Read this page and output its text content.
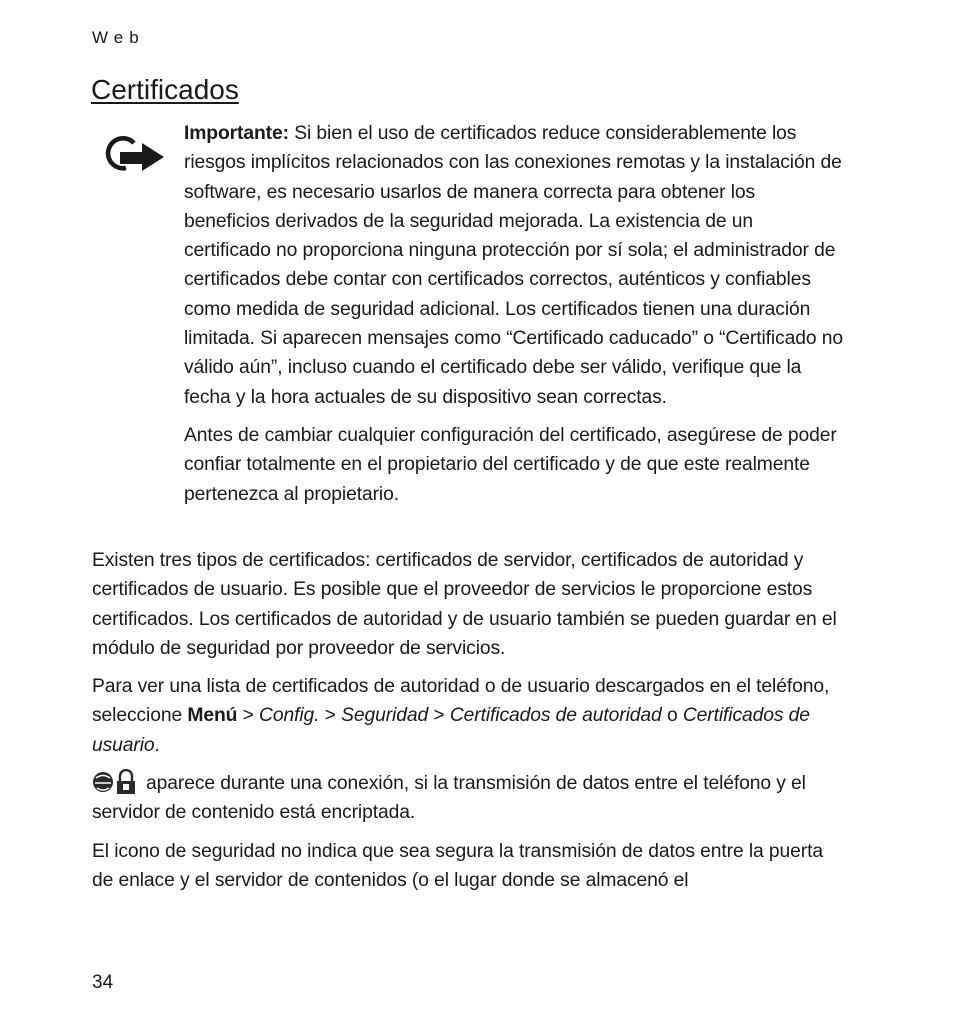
Web
Certificados

Importante: Si bien el uso de certificados reduce considerablemente los riesgos implícitos relacionados con las conexiones remotas y la instalación de software, es necesario usarlos de manera correcta para obtener los beneficios derivados de la seguridad mejorada. La existencia de un certificado no proporciona ninguna protección por sí sola; el administrador de certificados debe contar con certificados correctos, auténticos y confiables como medida de seguridad adicional. Los certificados tienen una duración limitada. Si aparecen mensajes como “Certificado caducado” o “Certificado no válido aún”, incluso cuando el certificado debe ser válido, verifique que la fecha y la hora actuales de su dispositivo sean correctas.

Antes de cambiar cualquier configuración del certificado, asegúrese de poder confiar totalmente en el propietario del certificado y de que este realmente pertenezca al propietario.

Existen tres tipos de certificados: certificados de servidor, certificados de autoridad y certificados de usuario. Es posible que el proveedor de servicios le proporcione estos certificados. Los certificados de autoridad y de usuario también se pueden guardar en el módulo de seguridad por proveedor de servicios.

Para ver una lista de certificados de autoridad o de usuario descargados en el teléfono, seleccione Menú > Config. > Seguridad > Certificados de autoridad o Certificados de usuario.

aparece durante una conexión, si la transmisión de datos entre el teléfono y el servidor de contenido está encriptada.

El icono de seguridad no indica que sea segura la transmisión de datos entre la puerta de enlace y el servidor de contenidos (o el lugar donde se almacenó el

34
